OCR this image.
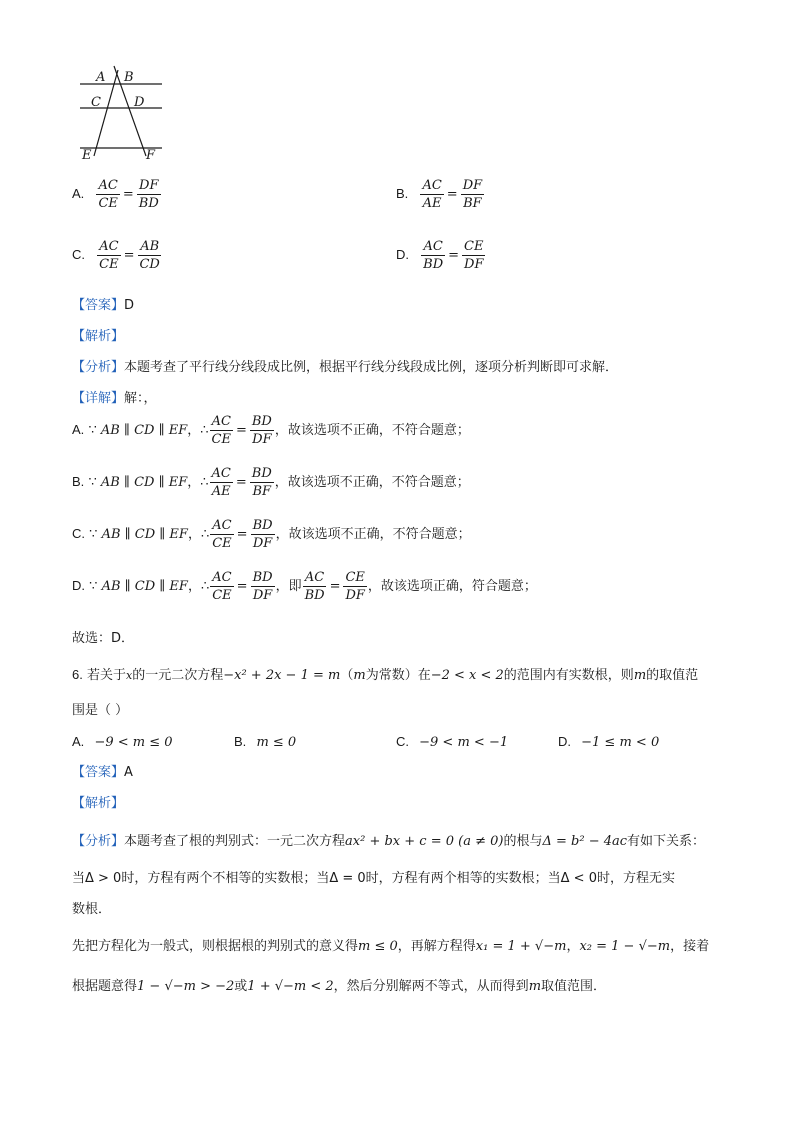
A B
C	D
E	F
A. $\frac{AC}{CE} = \frac{DF}{BD}$	B. $\frac{AC}{AE} = \frac{DF}{BF}$
C. $\frac{AC}{CE} = \frac{AB}{CD}$	D. $\frac{AC}{BD} = \frac{CE}{DF}$
【答案】D
【解析】
【分析】本题考查了平行线分线段成比例，根据平行线分线段成比例，逐项分析判断即可求解．
【详解】解：，
A. ∵ AB ∥ CD ∥ EF，∴ $\frac{AC}{CE} = \frac{BD}{DF}$ ，故该选项不正确，不符合题意；
B. ∵ AB ∥ CD ∥ EF，∴ $\frac{AC}{AE} = \frac{BD}{BF}$ ，故该选项不正确，不符合题意；
C. ∵ AB ∥ CD ∥ EF，∴ $\frac{AC}{CE} = \frac{BD}{DF}$ ，故该选项不正确，不符合题意；
D. ∵ AB ∥ CD ∥ EF，∴ $\frac{AC}{CE} = \frac{BD}{DF}$ ，即 $\frac{AC}{BD} = \frac{CE}{DF}$ ，故该选项正确，符合题意；
故选：D．
6. 若关于x的一元二次方程−x² + 2x − 1 = m（m为常数）在−2 < x < 2的范围内有实数根，则m的取值范
围是（ ）
A. −9 < m ≤ 0	B. m ≤ 0	C. −9 < m < −1	D. −1 ≤ m < 0
【答案】A
【解析】
【分析】本题考查了根的判别式：一元二次方程ax² + bx + c = 0 (a ≠ 0)的根与Δ = b² − 4ac有如下关系：
当Δ > 0时，方程有两个不相等的实数根；当Δ = 0时，方程有两个相等的实数根；当Δ < 0时，方程无实
数根．
先把方程化为一般式，则根据根的判别式的意义得m ≤ 0，再解方程得x₁ = 1 + √−m，x₂ = 1 − √−m，接着
根据题意得1 − √−m > −2或1 + √−m < 2，然后分别解两不等式，从而得到m取值范围．
